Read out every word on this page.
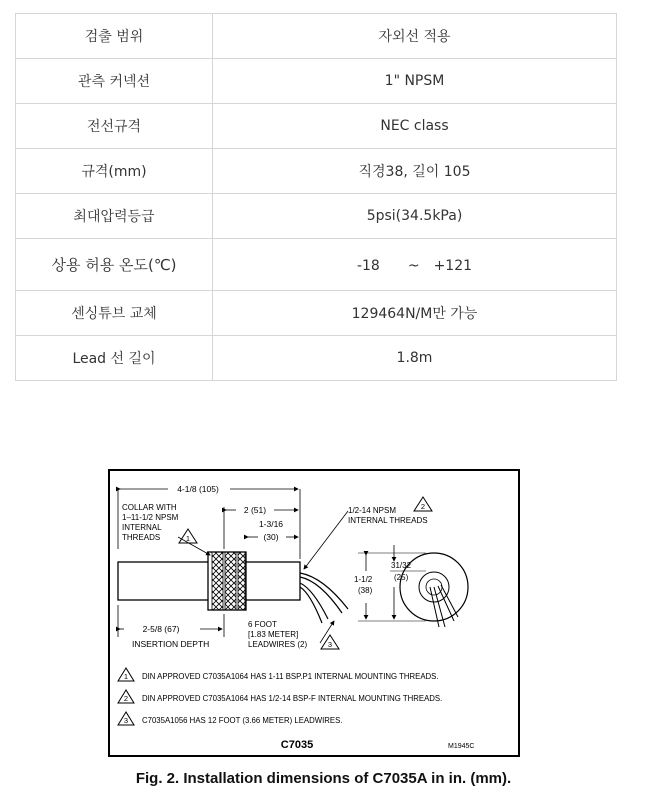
검출 범위	자외선 적용
관측 커넥션	1" NPSM
전선규격	NEC class
규격(mm)	직경38, 길이 105
최대압력등급	5psi(34.5kPa)
상용 허용 온도(℃)	-18　　~　+121
센싱튜브 교체	129464N/M만 가능
Lead 선 길이	1.8m
4-1/8 (105)
2 (51)
1-3/16
(30)
COLLAR WITH
1–11-1/2 NPSM
INTERNAL
THREADS	1
1/2-14 NPSM
INTERNAL THREADS
2
31/32
(25)
1-1/2
(38)
2-5/8 (67)
INSERTION DEPTH
6 FOOT
[1.83 METER]
LEADWIRES (2)	3
1 DIN APPROVED C7035A1064 HAS 1-11 BSP.P1 INTERNAL MOUNTING THREADS.
2 DIN APPROVED C7035A1064 HAS 1/2-14 BSP-F INTERNAL MOUNTING THREADS.
3 C7035A1056 HAS 12 FOOT (3.66 METER) LEADWIRES.
C7035	M1945C
Fig. 2. Installation dimensions of C7035A in in. (mm).
